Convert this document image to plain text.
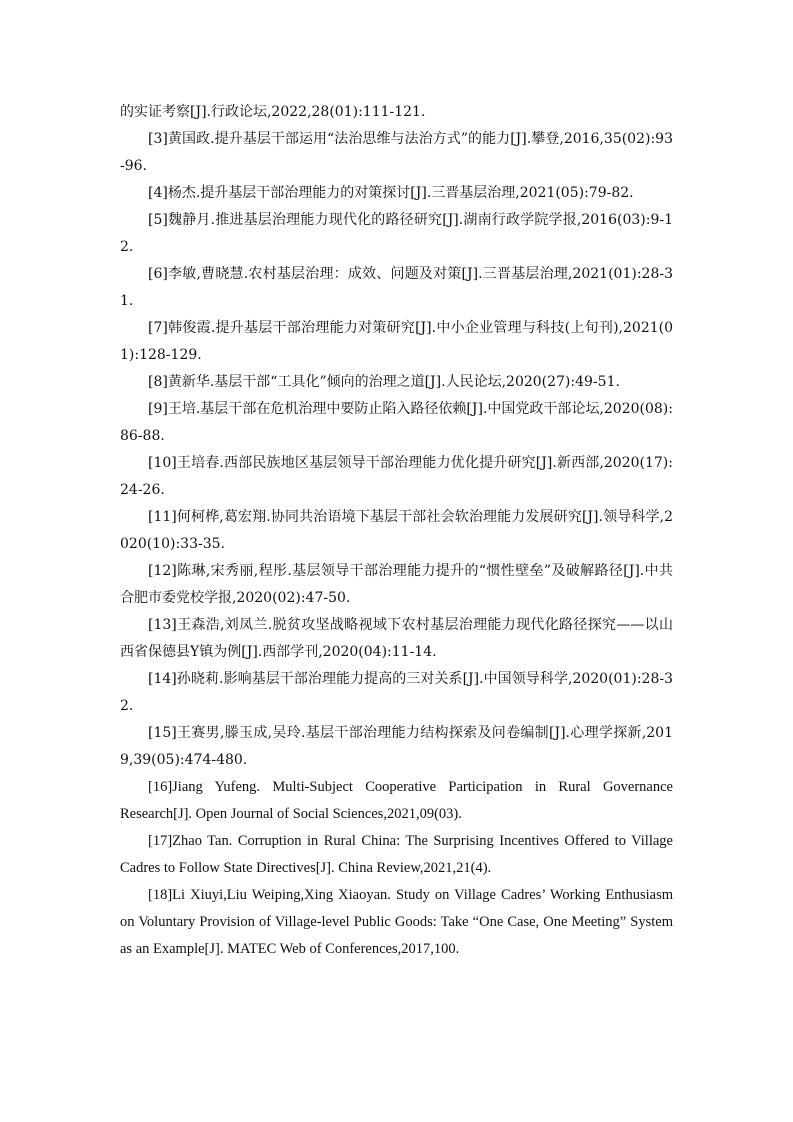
的实证考察[J].行政论坛,2022,28(01):111-121.

[3]黄国政.提升基层干部运用“法治思维与法治方式”的能力[J].攀登,2016,35(02):93-96.

[4]杨杰.提升基层干部治理能力的对策探讨[J].三晋基层治理,2021(05):79-82.

[5]魏静月.推进基层治理能力现代化的路径研究[J].湖南行政学院学报,2016(03):9-12.

[6]李敏,曹晓慧.农村基层治理：成效、问题及对策[J].三晋基层治理,2021(01):28-31.

[7]韩俊霞.提升基层干部治理能力对策研究[J].中小企业管理与科技(上旬刊),2021(01):128-129.

[8]黄新华.基层干部“工具化”倾向的治理之道[J].人民论坛,2020(27):49-51.

[9]王培.基层干部在危机治理中要防止陷入路径依赖[J].中国党政干部论坛,2020(08):86-88.

[10]王培春.西部民族地区基层领导干部治理能力优化提升研究[J].新西部,2020(17):24-26.

[11]何柯桦,葛宏翔.协同共治语境下基层干部社会软治理能力发展研究[J].领导科学,2020(10):33-35.

[12]陈琳,宋秀丽,程彤.基层领导干部治理能力提升的“惯性壁垒”及破解路径[J].中共合肥市委党校学报,2020(02):47-50.

[13]王森浩,刘凤兰.脱贫攻坚战略视域下农村基层治理能力现代化路径探究——以山西省保德县Y镇为例[J].西部学刊,2020(04):11-14.

[14]孙晓莉.影响基层干部治理能力提高的三对关系[J].中国领导科学,2020(01):28-32.

[15]王赛男,滕玉成,吴玲.基层干部治理能力结构探索及问卷编制[J].心理学探新,2019,39(05):474-480.

[16]Jiang Yufeng. Multi-Subject Cooperative Participation in Rural Governance Research[J]. Open Journal of Social Sciences,2021,09(03).

[17]Zhao Tan. Corruption in Rural China: The Surprising Incentives Offered to Village Cadres to Follow State Directives[J]. China Review,2021,21(4).

[18]Li Xiuyi,Liu Weiping,Xing Xiaoyan. Study on Village Cadres’ Working Enthusiasm on Voluntary Provision of Village-level Public Goods: Take “One Case, One Meeting” System as an Example[J]. MATEC Web of Conferences,2017,100.
